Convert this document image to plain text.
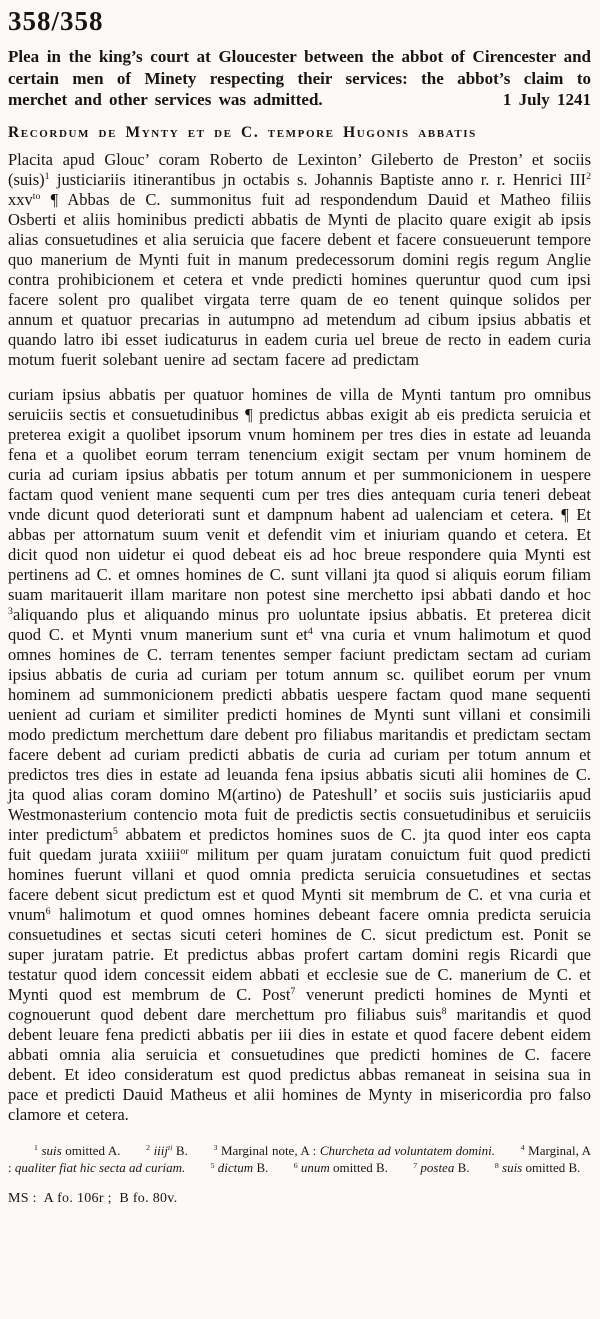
358/358
Plea in the king’s court at Gloucester between the abbot of Cirencester and certain men of Minety respecting their services: the abbot’s claim to merchet and other services was admitted.	1 July 1241
Recordum de Mynty et de C. tempore Hugonis abbatis

Placita apud Glouc’ coram Roberto de Lexinton’ Gileberto de Preston’ et sociis (suis)$^1$ justiciariis itinerantibus jn octabis s. Johannis Baptiste anno r. r. Henrici III$^2$ xxv$^{to}$ ¶ Abbas de C. summonitus fuit ad respondendum Dauid et Matheo filiis Osberti et aliis hominibus predicti abbatis de Mynti de placito quare exigit ab ipsis alias consuetudines et alia seruicia que facere debent et facere consueuerunt tempore quo manerium de Mynti fuit in manum predecessorum domini regis regum Anglie contra prohibicionem et cetera et vnde predicti homines queruntur quod cum ipsi facere solent pro qualibet virgata terre quam de eo tenent quinque solidos per annum et quatuor precarias in autumpno ad metendum ad cibum ipsius abbatis et quando latro ibi esset iudicaturus in eadem curia uel breue de recto in eadem curia motum fuerit solebant uenire ad sectam facere ad predictam

curiam ipsius abbatis per quatuor homines de villa de Mynti tantum pro omnibus seruiciis sectis et consuetudinibus ¶ predictus abbas exigit ab eis predicta seruicia et preterea exigit a quolibet ipsorum vnum hominem per tres dies in estate ad leuanda fena et a quolibet eorum terram tenencium exigit sectam per vnum hominem de curia ad curiam ipsius abbatis per totum annum et per summonicionem in uespere factam quod venient mane sequenti cum per tres dies antequam curia teneri debeat vnde dicunt quod deteriorati sunt et dampnum habent ad ualenciam et cetera. ¶ Et abbas per attornatum suum venit et defendit vim et iniuriam quando et cetera. Et dicit quod non uidetur ei quod debeat eis ad hoc breue respondere quia Mynti est pertinens ad C. et omnes homines de C. sunt villani jta quod si aliquis eorum filiam suam maritauerit illam maritare non potest sine merchetto ipsi abbati dando et hoc $^3$aliquando plus et aliquando minus pro uoluntate ipsius abbatis. Et preterea dicit quod C. et Mynti vnum manerium sunt $et^4$ vna curia et vnum halimotum et quod omnes homines de C. terram tenentes semper faciunt predictam sectam ad curiam ipsius abbatis de curia ad curiam per totum annum sc. quilibet eorum per vnum hominem ad summonicionem predicti abbatis uespere factam quod mane sequenti uenient ad curiam et similiter predicti homines de Mynti sunt villani et consimili modo predictum merchettum dare debent pro filiabus maritandis et predictam sectam facere debent ad curiam predicti abbatis de curia ad curiam per totum annum et predictos tres dies in estate ad leuanda fena ipsius abbatis sicuti alii homines de C. jta quod alias coram domino M(artino) de Pateshull’ et sociis suis justiciariis apud Westmonasterium contencio mota fuit de predictis sectis consuetudinibus et seruiciis inter predictum$^5$ abbatem et predictos homines suos de C. jta quod inter eos capta fuit quedam jurata xxiiii$^{or}$ militum per quam juratam conuictum fuit quod predicti homines fuerunt villani et quod omnia predicta seruicia consuetudines et sectas facere debent sicut predictum est et quod Mynti sit membrum de C. et vna curia et vnum$^6$ halimotum et quod omnes homines debeant facere omnia predicta seruicia consuetudines et sectas sicuti ceteri homines de C. sicut predictum est. Ponit se super juratam patrie. Et predictus abbas profert cartam domini regis Ricardi que testatur quod idem concessit eidem abbati et ecclesie sue de C. manerium de C. et Mynti quod est membrum de C. Post$^7$ venerunt predicti homines de Mynti et cognouerunt quod debent dare merchettum pro filiabus suis$^8$ maritandis et quod debent leuare fena predicti abbatis per iii dies in estate et quod facere debent eidem abbati omnia alia seruicia et consuetudines que predicti homines de C. facere debent. Et ideo consideratum est quod predictus abbas remaneat in seisina sua in pace et predicti Dauid Matheus et alii homines de Mynty in misericordia pro falso clamore et cetera.

$^1$ suis omitted A.	$^2$ iiij$^{ti}$ B.	$^3$ Marginal note, A : Churcheta ad voluntatem domini.	$^4$ Marginal, A : qualiter fiat hic secta ad curiam.	$^5$ dictum B.	$^6$ unum omitted B.	$^7$ postea B.	$^8$ suis omitted B.
MS :  A fo. 106r ;  B fo. 80v.
